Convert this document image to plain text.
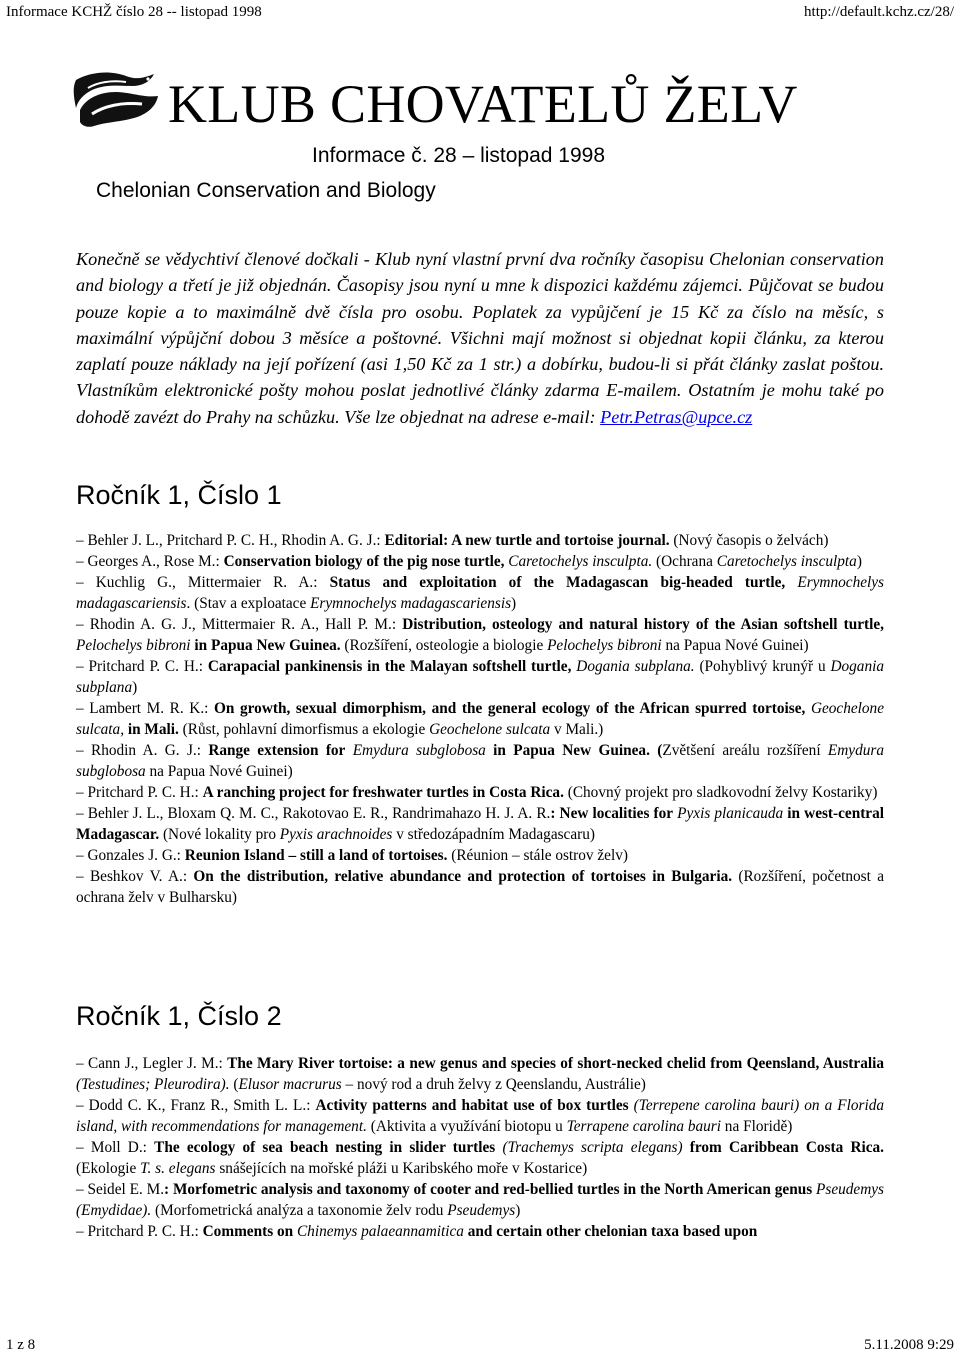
Informace KCHŽ číslo 28 -- listopad 1998	http://default.kchz.cz/28/
KLUB CHOVATELŮ ŽELV
Informace č. 28 – listopad 1998
Chelonian Conservation and Biology

Konečně se vědychtiví členové dočkali - Klub nyní vlastní první dva ročníky časopisu Chelonian conservation and biology a třetí je již objednán. Časopisy jsou nyní u mne k dispozici každému zájemci. Půjčovat se budou pouze kopie a to maximálně dvě čísla pro osobu. Poplatek za vypůjčení je 15 Kč za číslo na měsíc, s maximální výpůjční dobou 3 měsíce a poštovné. Všichni mají možnost si objednat kopii článku, za kterou zaplatí pouze náklady na její pořízení (asi 1,50 Kč za 1 str.) a dobírku, budou-li si přát články zaslat poštou. Vlastníkům elektronické pošty mohou poslat jednotlivé články zdarma E-mailem. Ostatním je mohu také po dohodě zavézt do Prahy na schůzku. Vše lze objednat na adrese e-mail: Petr.Petras@upce.cz

Ročník 1, Číslo 1
– Behler J. L., Pritchard P. C. H., Rhodin A. G. J.: Editorial: A new turtle and tortoise journal. (Nový časopis o želvách)
– Georges A., Rose M.: Conservation biology of the pig nose turtle, Caretochelys insculpta. (Ochrana Caretochelys insculpta)
– Kuchlig G., Mittermaier R. A.: Status and exploitation of the Madagascan big-headed turtle, Erymnochelys madagascariensis. (Stav a exploatace Erymnochelys madagascariensis)
– Rhodin A. G. J., Mittermaier R. A., Hall P. M.: Distribution, osteology and natural history of the Asian softshell turtle, Pelochelys bibroni in Papua New Guinea. (Rozšíření, osteologie a biologie Pelochelys bibroni na Papua Nové Guinei)
– Pritchard P. C. H.: Carapacial pankinensis in the Malayan softshell turtle, Dogania subplana. (Pohyblivý krunýř u Dogania subplana)
– Lambert M. R. K.: On growth, sexual dimorphism, and the general ecology of the African spurred tortoise, Geochelone sulcata, in Mali. (Růst, pohlavní dimorfismus a ekologie Geochelone sulcata v Mali.)
– Rhodin A. G. J.: Range extension for Emydura subglobosa in Papua New Guinea. (Zvětšení areálu rozšíření Emydura subglobosa na Papua Nové Guinei)
– Pritchard P. C. H.: A ranching project for freshwater turtles in Costa Rica. (Chovný projekt pro sladkovodní želvy Kostariky)
– Behler J. L., Bloxam Q. M. C., Rakotovao E. R., Randrimahazo H. J. A. R.: New localities for Pyxis planicauda in west-central Madagascar. (Nové lokality pro Pyxis arachnoides v středozápadním Madagascaru)
– Gonzales J. G.: Reunion Island – still a land of tortoises. (Réunion – stále ostrov želv)
– Beshkov V. A.: On the distribution, relative abundance and protection of tortoises in Bulgaria. (Rozšíření, početnost a ochrana želv v Bulharsku)
Ročník 1, Číslo 2
– Cann J., Legler J. M.: The Mary River tortoise: a new genus and species of short-necked chelid from Qeensland, Australia (Testudines; Pleurodira). (Elusor macrurus – nový rod a druh želvy z Qeenslandu, Austrálie)
– Dodd C. K., Franz R., Smith L. L.: Activity patterns and habitat use of box turtles (Terrepene carolina bauri) on a Florida island, with recommendations for management. (Aktivita a využívání biotopu u Terrapene carolina bauri na Floridě)
– Moll D.: The ecology of sea beach nesting in slider turtles (Trachemys scripta elegans) from Caribbean Costa Rica. (Ekologie T. s. elegans snášejících na mořské pláži u Karibského moře v Kostarice)
– Seidel E. M.: Morfometric analysis and taxonomy of cooter and red-bellied turtles in the North American genus Pseudemys (Emydidae). (Morfometrická analýza a taxonomie želv rodu Pseudemys)
– Pritchard P. C. H.: Comments on Chinemys palaeannamitica and certain other chelonian taxa based upon
1 z 8	5.11.2008 9:29
